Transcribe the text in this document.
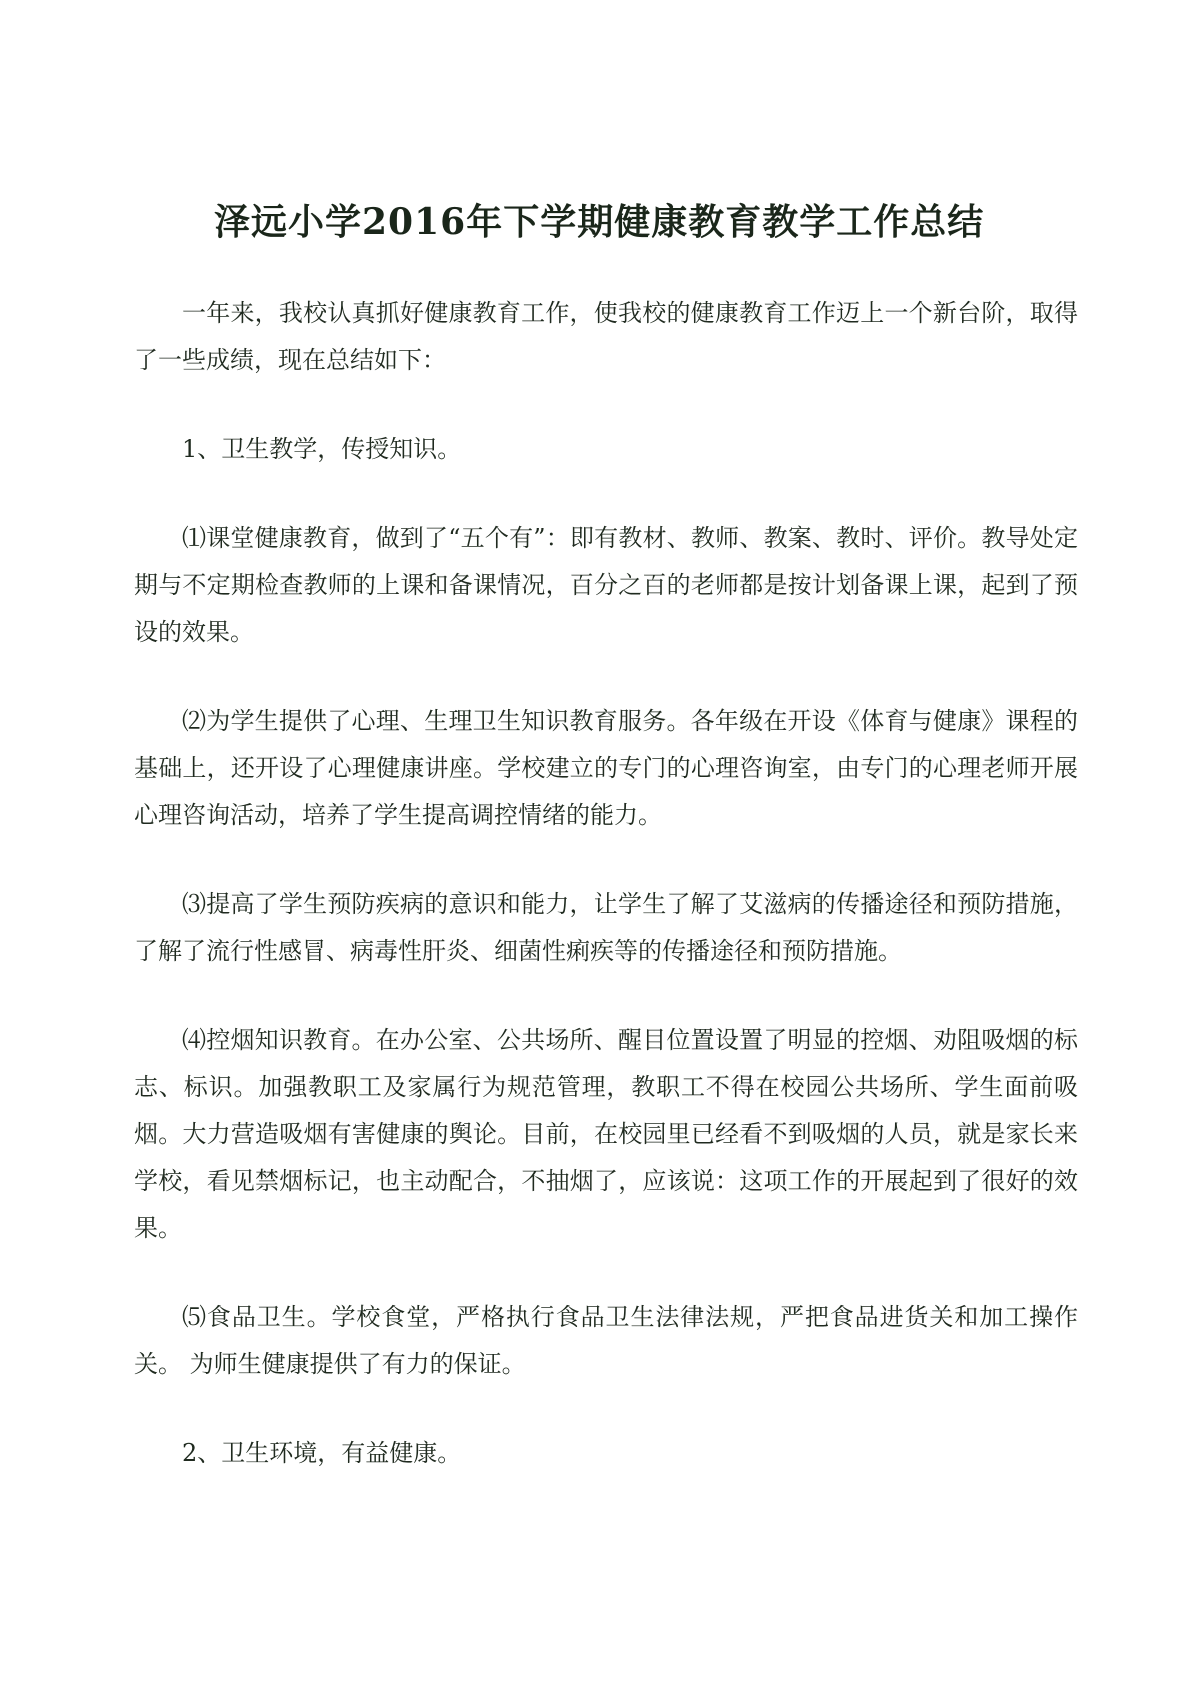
泽远小学2016年下学期健康教育教学工作总结

一年来，我校认真抓好健康教育工作，使我校的健康教育工作迈上一个新台阶，取得了一些成绩，现在总结如下：

1、卫生教学，传授知识。

⑴课堂健康教育，做到了“五个有”：即有教材、教师、教案、教时、评价。教导处定期与不定期检查教师的上课和备课情况，百分之百的老师都是按计划备课上课，起到了预设的效果。

⑵为学生提供了心理、生理卫生知识教育服务。各年级在开设《体育与健康》课程的基础上，还开设了心理健康讲座。学校建立的专门的心理咨询室，由专门的心理老师开展心理咨询活动，培养了学生提高调控情绪的能力。

⑶提高了学生预防疾病的意识和能力，让学生了解了艾滋病的传播途径和预防措施，了解了流行性感冒、病毒性肝炎、细菌性痢疾等的传播途径和预防措施。

⑷控烟知识教育。在办公室、公共场所、醒目位置设置了明显的控烟、劝阻吸烟的标志、标识。加强教职工及家属行为规范管理，教职工不得在校园公共场所、学生面前吸烟。大力营造吸烟有害健康的舆论。目前，在校园里已经看不到吸烟的人员，就是家长来学校，看见禁烟标记，也主动配合，不抽烟了，应该说：这项工作的开展起到了很好的效果。

⑸食品卫生。学校食堂，严格执行食品卫生法律法规，严把食品进货关和加工操作关。 为师生健康提供了有力的保证。

2、卫生环境，有益健康。
